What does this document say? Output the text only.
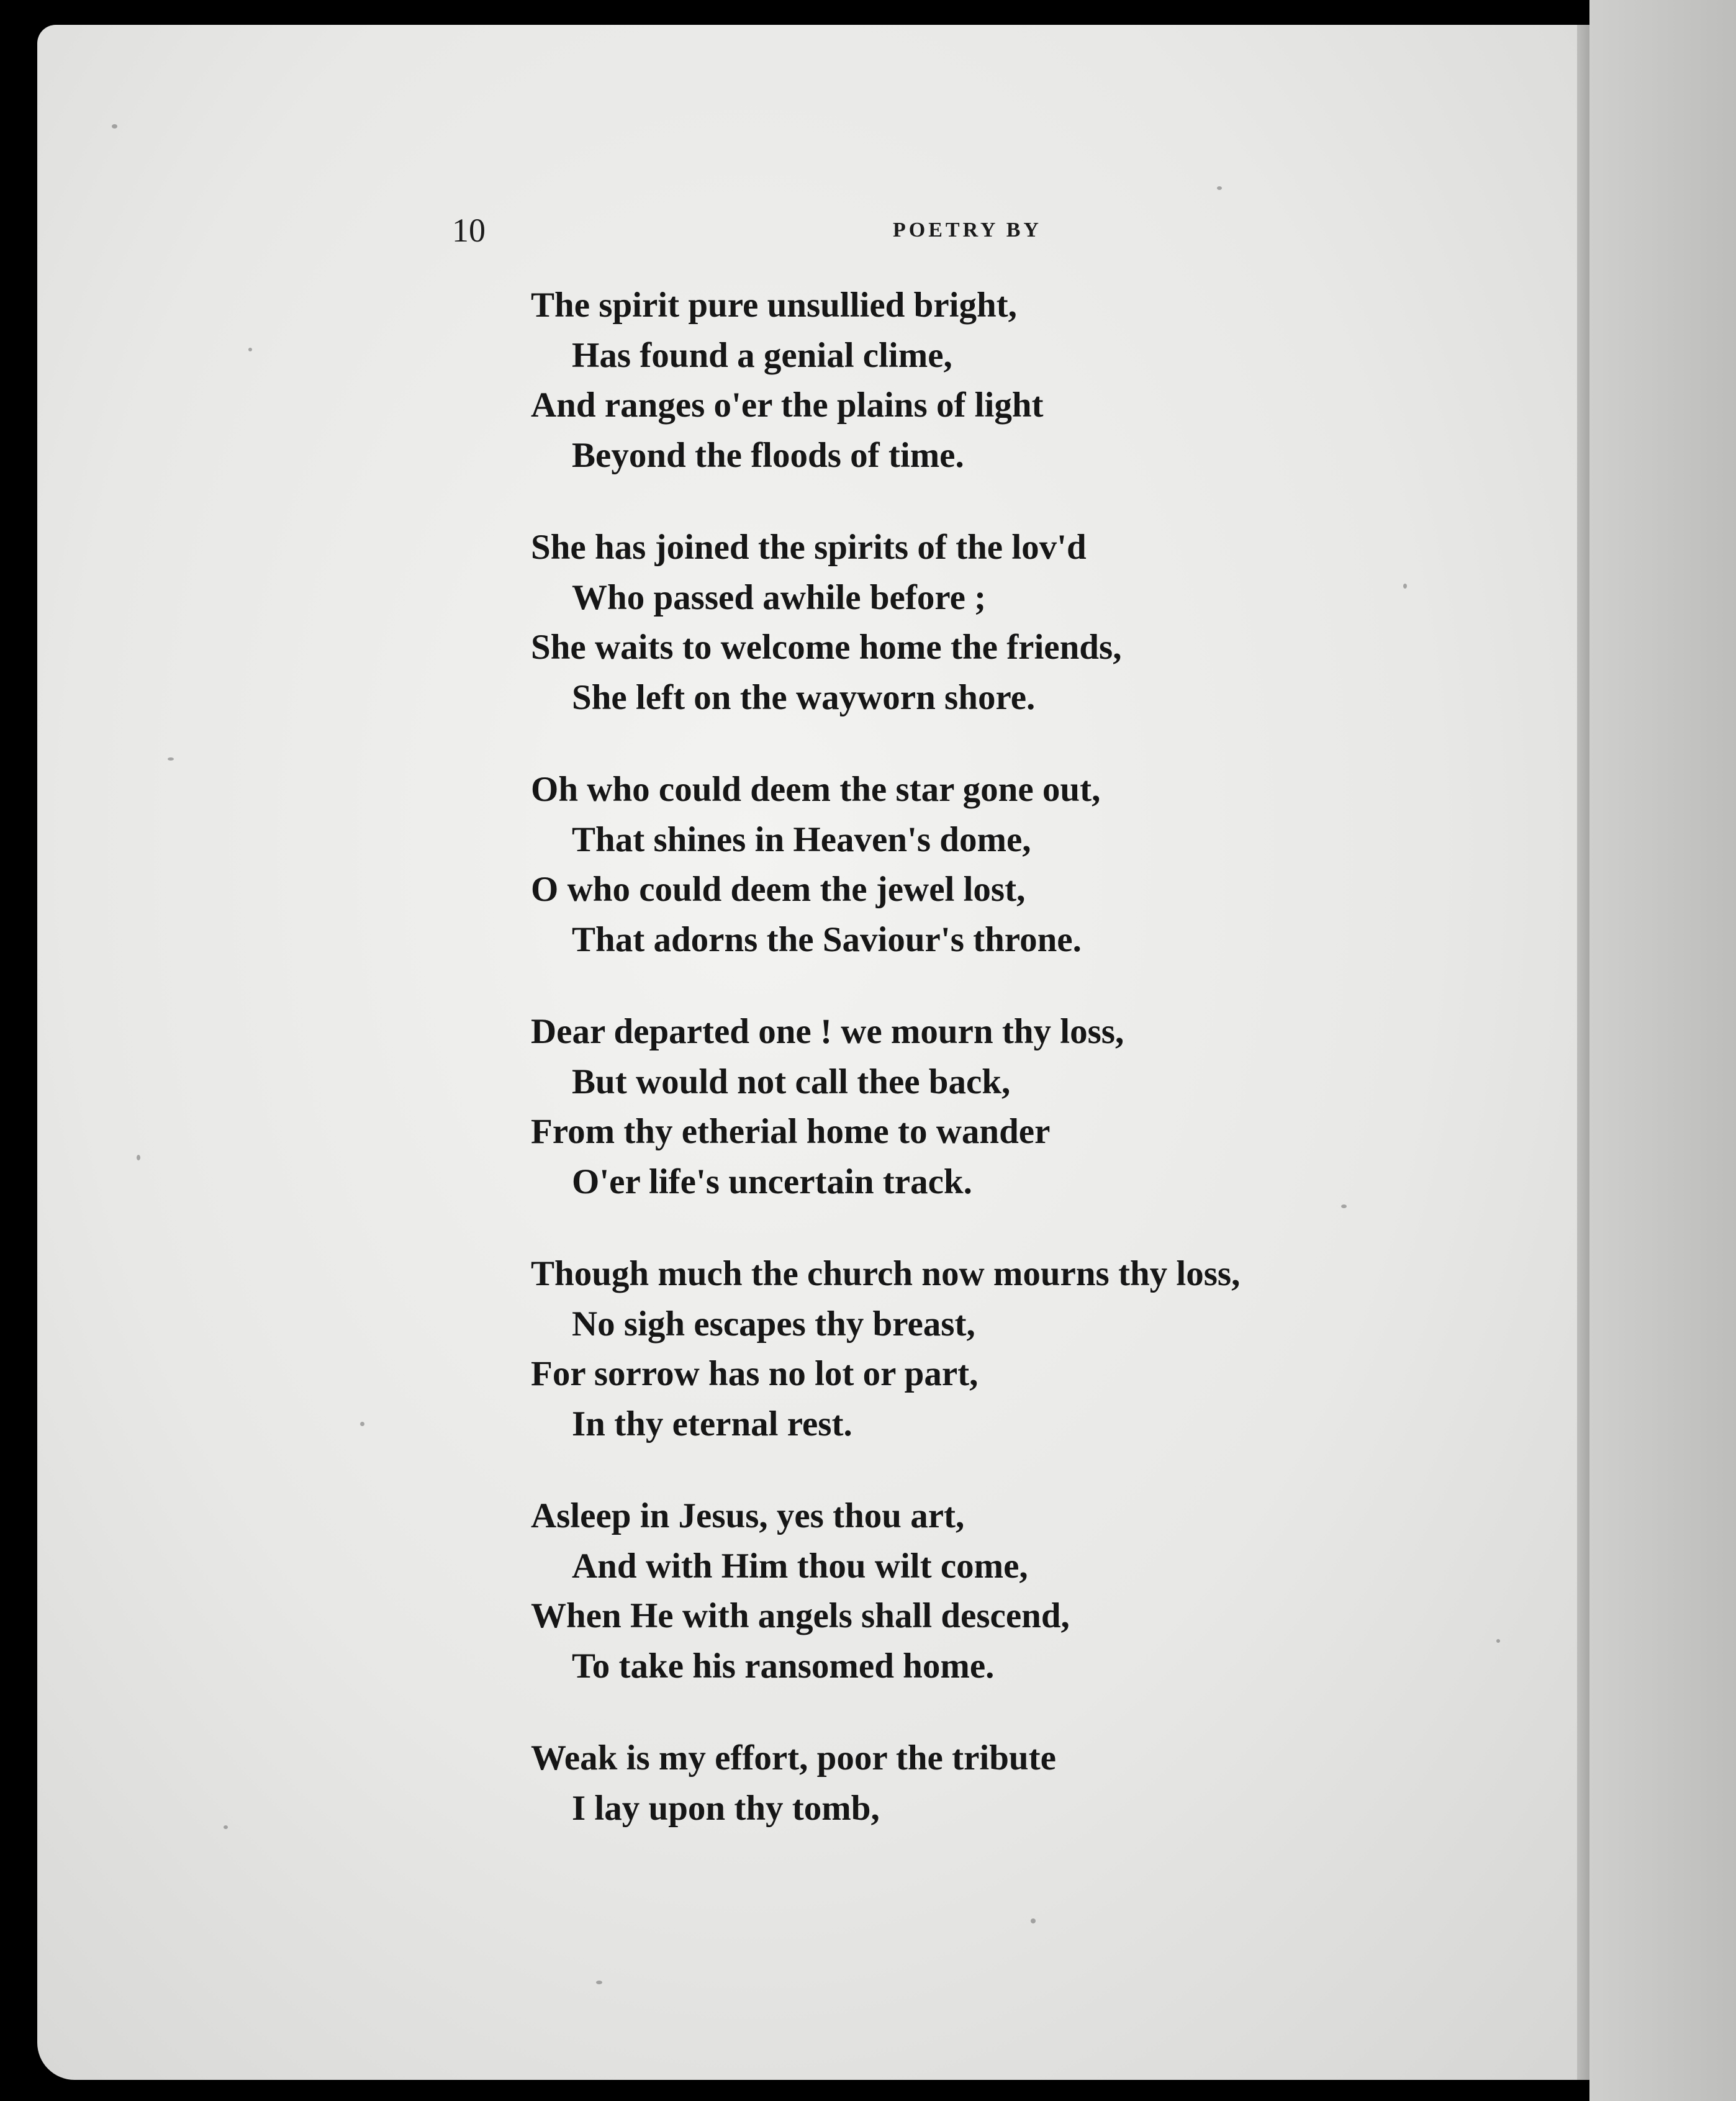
10	POETRY BY
The spirit pure unsullied bright,
Has found a genial clime,
And ranges o'er the plains of light
Beyond the floods of time.
She has joined the spirits of the lov'd
Who passed awhile before ;
She waits to welcome home the friends,
She left on the wayworn shore.
Oh who could deem the star gone out,
That shines in Heaven's dome,
O who could deem the jewel lost,
That adorns the Saviour's throne.
Dear departed one ! we mourn thy loss,
But would not call thee back,
From thy etherial home to wander
O'er life's uncertain track.
Though much the church now mourns thy loss,
No sigh escapes thy breast,
For sorrow has no lot or part,
In thy eternal rest.
Asleep in Jesus, yes thou art,
And with Him thou wilt come,
When He with angels shall descend,
To take his ransomed home.
Weak is my effort, poor the tribute
I lay upon thy tomb,
